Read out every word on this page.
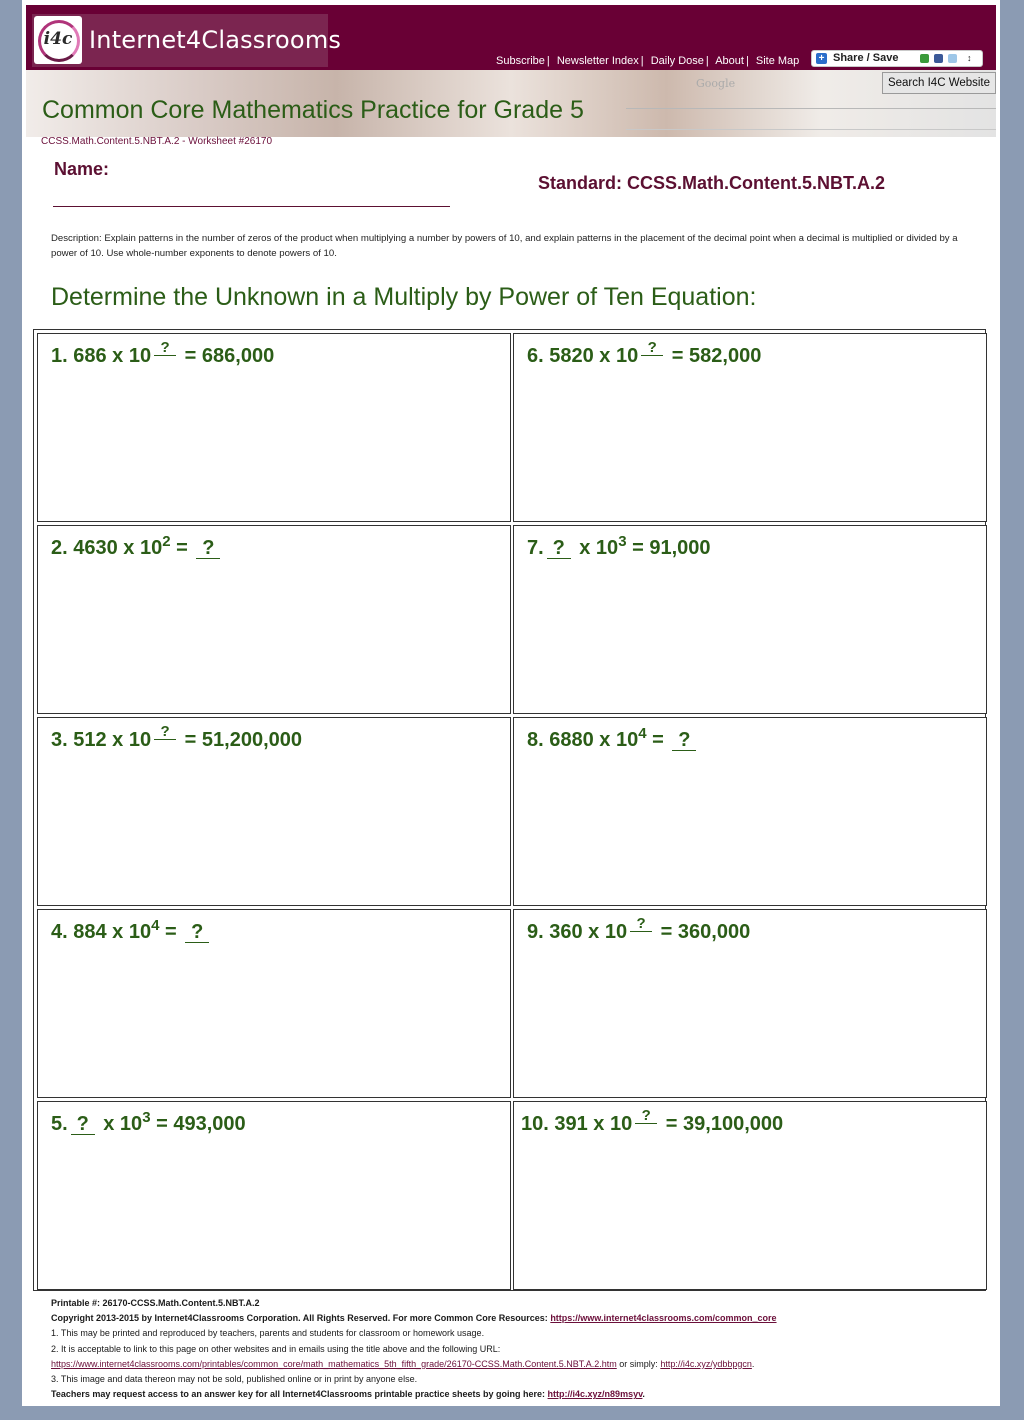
i4c Internet4Classrooms
Subscribe | Newsletter Index | Daily Dose | About | Site Map + Share / Save	↕
Google	Search I4C Website
Common Core Mathematics Practice for Grade 5
CCSS.Math.Content.5.NBT.A.2 - Worksheet #26170
Name:
Standard: CCSS.Math.Content.5.NBT.A.2
Description: Explain patterns in the number of zeros of the product when multiplying a number by powers of 10, and explain patterns in the placement of the decimal point when a decimal is multiplied or divided by a power of 10. Use whole-number exponents to denote powers of 10.
Determine the Unknown in a Multiply by Power of Ten Equation:
1. 686 x 10 ? = 686,000
2. 4630 x $10^2$ = ?
3. 512 x 10 ? = 51,200,000
4. 884 x $10^4$ = ?
5. ? x $10^3 = 493,000$
6. 5820 x 10 ? = 582,000
7. ? x $10^3 = 91,000$
8. 6880 x $10^4$ = ?
9. 360 x 10 ? = 360,000
10. 391 x 10 ? = 39,100,000
Printable #: 26170-CCSS.Math.Content.5.NBT.A.2
Copyright 2013-2015 by Internet4Classrooms Corporation. All Rights Reserved. For more Common Core Resources: https://www.internet4classrooms.com/common_core
1. This may be printed and reproduced by teachers, parents and students for classroom or homework usage.
2. It is acceptable to link to this page on other websites and in emails using the title above and the following URL:
https://www.internet4classrooms.com/printables/common_core/math_mathematics_5th_fifth_grade/26170-CCSS.Math.Content.5.NBT.A.2.htm or simply: http://i4c.xyz/ydbbpgcn.
3. This image and data thereon may not be sold, published online or in print by anyone else.
Teachers may request access to an answer key for all Internet4Classrooms printable practice sheets by going here: http://i4c.xyz/n89msyv.
